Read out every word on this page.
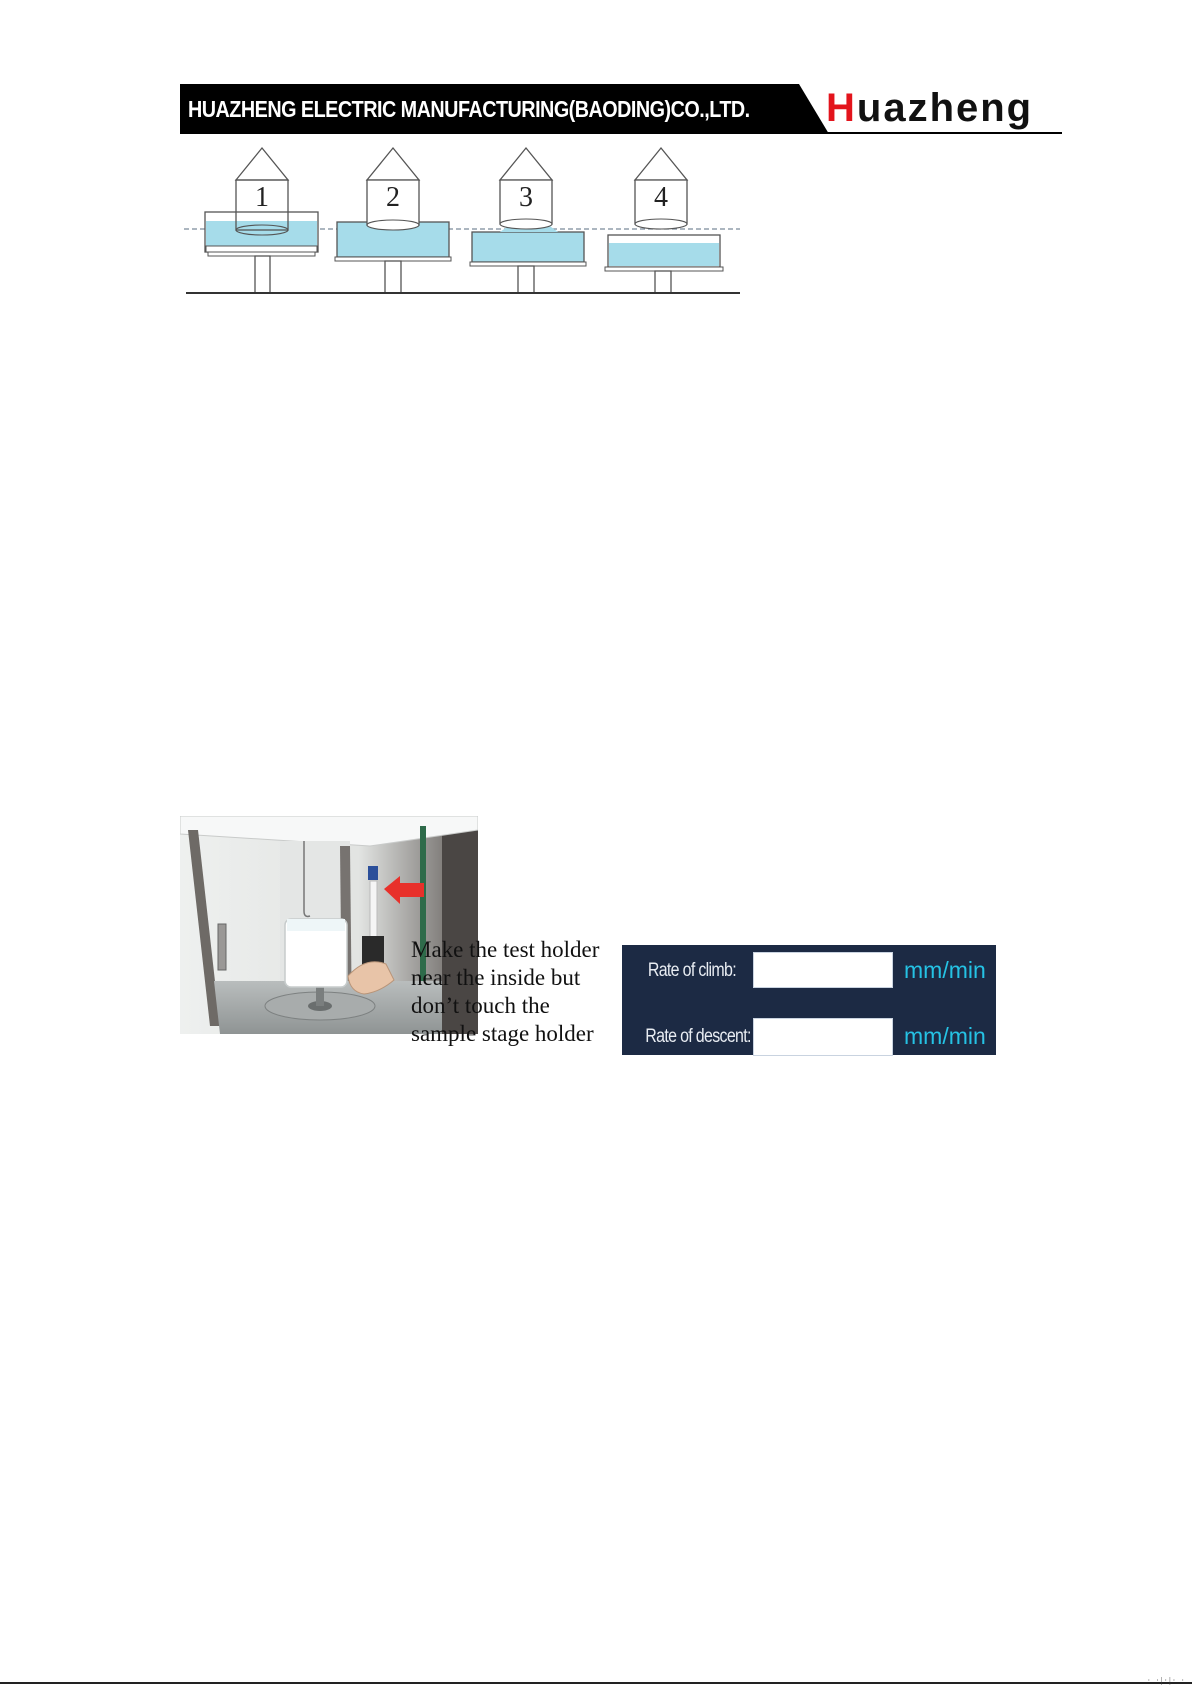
HUAZHENG ELECTRIC MANUFACTURING(BAODING)CO.,LTD. Huazheng
1	2	3	4
Make the test holder
near the inside but
don’t touch the
sample stage holder
Rate of climb:	mm/min
Rate of descent:	mm/min
· ·|·|· ·
